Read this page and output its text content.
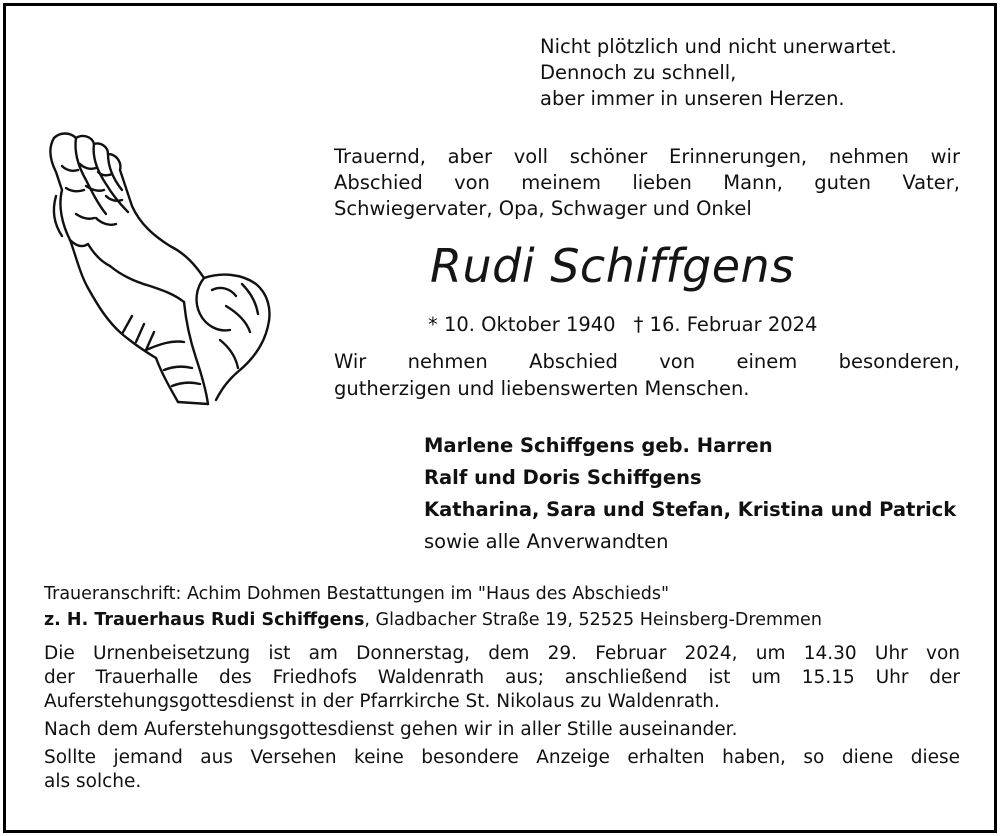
Nicht plötzlich und nicht unerwartet.
Dennoch zu schnell,
aber immer in unseren Herzen.
Trauernd, aber voll schöner Erinnerungen, nehmen wir
Abschied von meinem lieben Mann, guten Vater,
Schwiegervater, Opa, Schwager und Onkel
Rudi Schiffgens
* 10. Oktober 1940 † 16. Februar 2024
Wir nehmen Abschied von einem besonderen,
gutherzigen und liebenswerten Menschen.
Marlene Schiffgens geb. Harren
Ralf und Doris Schiffgens
Katharina, Sara und Stefan, Kristina und Patrick
sowie alle Anverwandten
Traueranschrift: Achim Dohmen Bestattungen im "Haus des Abschieds"
z. H. Trauerhaus Rudi Schiffgens, Gladbacher Straße 19, 52525 Heinsberg-Dremmen
Die Urnenbeisetzung ist am Donnerstag, dem 29. Februar 2024, um 14.30 Uhr von
der Trauerhalle des Friedhofs Waldenrath aus; anschließend ist um 15.15 Uhr der
Auferstehungsgottesdienst in der Pfarrkirche St. Nikolaus zu Waldenrath.
Nach dem Auferstehungsgottesdienst gehen wir in aller Stille auseinander.
Sollte jemand aus Versehen keine besondere Anzeige erhalten haben, so diene diese
als solche.
